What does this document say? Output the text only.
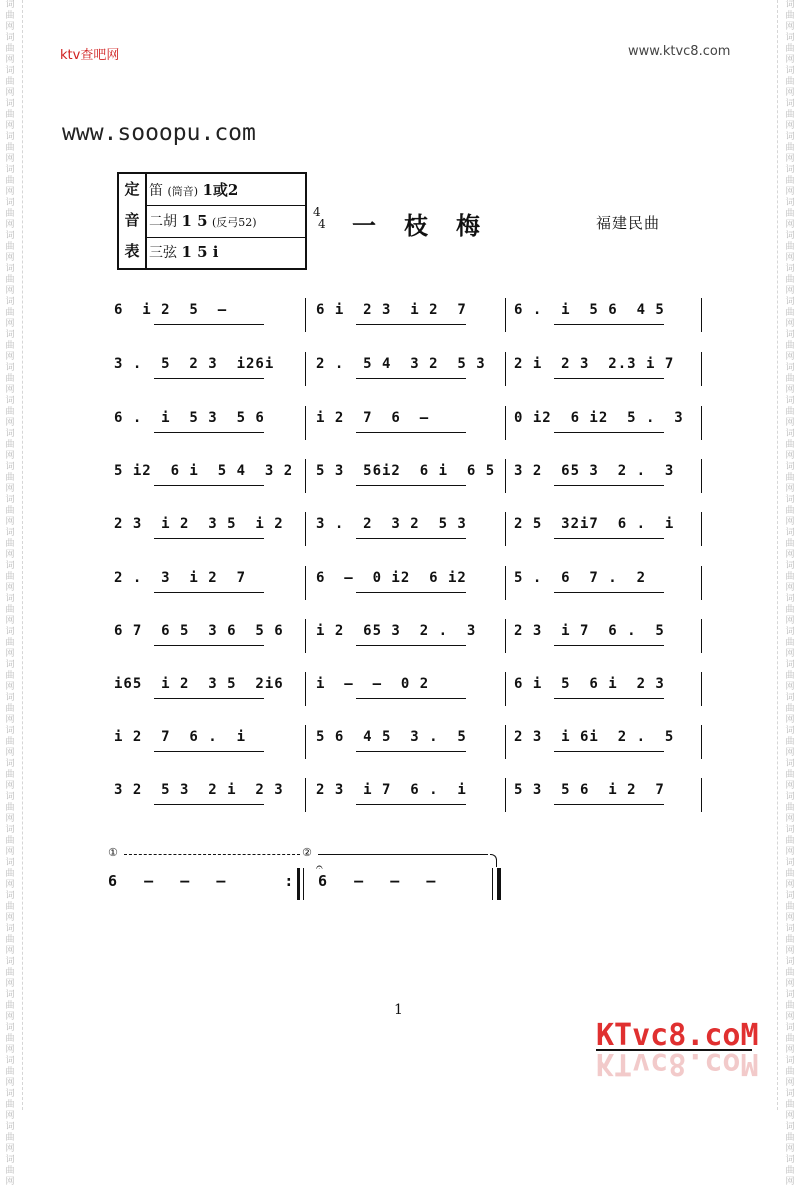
词
曲
网
词
曲
网
词
曲
网
词
曲
网
词
曲
网
词
曲
网
词
曲
网
词
曲
网
词
曲
网
词
曲
网
词
曲
网
词
曲
网
词
曲
网
词
曲
网
词
曲
网
词
曲
网
词
曲
网
词
曲
网
词
曲
网
词
曲
网
词
曲
网
词
曲
网
词
曲
网
词
曲
网
词
曲
网
词
曲
网
词
曲
网
词
曲
网
词
曲
网
词
曲
网
词
曲
网
词
曲
网
词
曲
网
词
曲
网
词
曲
网
词
曲
网
词
曲
网
词
曲
网
词
曲
网
词
曲
网
词
曲
网
词
曲
网
词
曲
网
词
曲
网
词
曲
网
词
曲
网
词
曲
网
词
曲
网
词
曲
网
词
曲
网
词
曲
网
词
曲
网
词
曲
网
词
曲
网
词
曲
网
词
曲
网
词
曲
网
词
曲
网
词
曲
网
词
曲
网
词
曲
网
词
曲
网
词
曲
网
词
曲
网
词
曲
网
词
曲
网
词
曲
网
词
曲
网
词
曲
网
词
曲
网
词
曲
网
词
曲
网
ktv查吧网	www.ktvc8.com
www.sooopu.com
定
音
表
笛 (筒音) 1或2
二胡 1 5 (反弓52)
三弦 1 5 i
4
4 一枝梅	福建民曲
6  i 2  5  —	6 i  2 3  i 2  7	6 .  i  5 6  4 5
3 .  5  2 3  i26i	2 .  5 4  3 2  5 3	2 i  2 3  2.3 i 7
6 .  i  5 3  5 6	i 2  7  6  —	0 i2  6 i2  5 .  3
5 i2  6 i  5 4  3 2 5 3  56i2  6 i  6 5 3 2  65 3  2 .  3
2 3  i 2  3 5  i 2	3 .  2  3 2  5 3	2 5  32i7  6 .  i
2 .  3  i 2  7	6  —  0 i2  6 i2	5 .  6  7 .  2
6 7  6 5  3 6  5 6	i 2  65 3  2 .  3	2 3  i 7  6 .  5
i65  i 2  3 5  2i6	i  —  —  0 2	6 i  5  6 i  2 3
i 2  7  6 .  i	5 6  4 5  3 .  5	2 3  i 6i  2 .  5
3 2  5 3  2 i  2 3	2 3  i 7  6 .  i	5 3  5 6  i 2  7
①	②
6   —   —   —	:
𝄐
6   —   —   —
1
KTvc8.coM
KTvc8.coM
